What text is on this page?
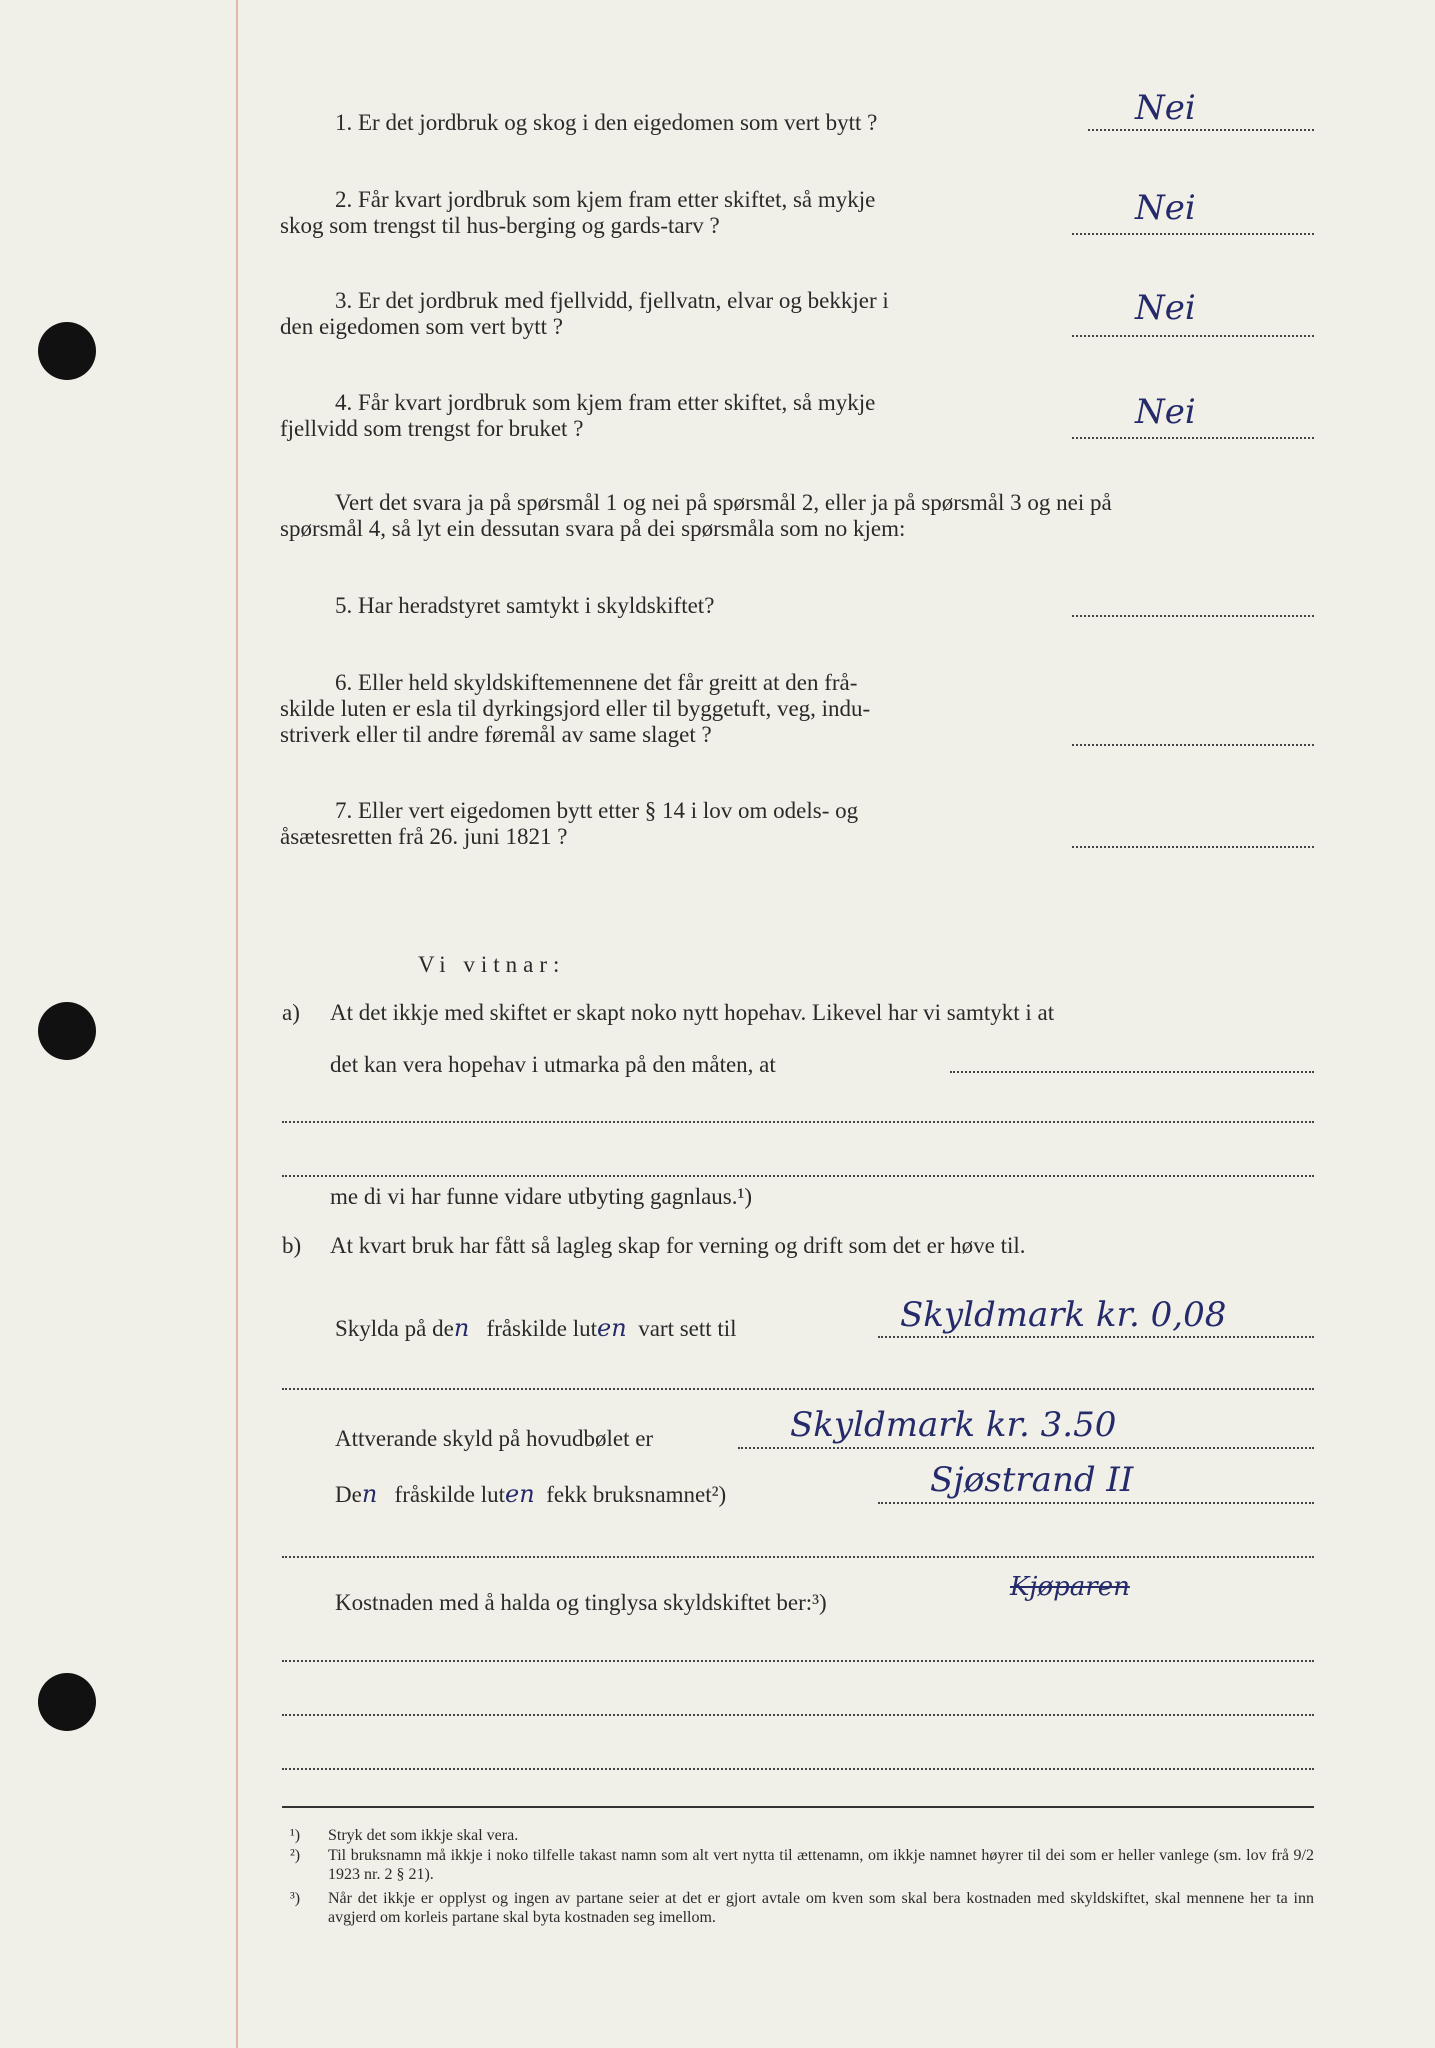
1. Er det jordbruk og skog i den eigedomen som vert bytt ?	Nei
2. Får kvart jordbruk som kjem fram etter skiftet, så mykje
skog som trengst til hus-berging og gards-tarv ?	Nei
3. Er det jordbruk med fjellvidd, fjellvatn, elvar og bekkjer i
den eigedomen som vert bytt ?	Nei
4. Får kvart jordbruk som kjem fram etter skiftet, så mykje
fjellvidd som trengst for bruket ?	Nei
Vert det svara ja på spørsmål 1 og nei på spørsmål 2, eller ja på spørsmål 3 og nei på
spørsmål 4, så lyt ein dessutan svara på dei spørsmåla som no kjem:
5. Har heradstyret samtykt i skyldskiftet?
6. Eller held skyldskiftemennene det får greitt at den frå-
skilde luten er esla til dyrkingsjord eller til byggetuft, veg, indu-
striverk eller til andre føremål av same slaget ?
7. Eller vert eigedomen bytt etter § 14 i lov om odels- og
åsætesretten frå 26. juni 1821 ?
Vi vitnar:
a) At det ikkje med skiftet er skapt noko nytt hopehav. Likevel har vi samtykt i at
det kan vera hopehav i utmarka på den måten, at
me di vi har funne vidare utbyting gagnlaus.¹)
b) At kvart bruk har fått så lagleg skap for verning og drift som det er høve til.
Skylda på den fråskilde luten vart sett til	Skyldmark kr. 0,08
Attverande skyld på hovudbølet er	Skyldmark kr. 3.50
Den fråskilde luten fekk bruksnamnet²)	Sjøstrand II
Kostnaden med å halda og tinglysa skyldskiftet ber:³)
Kjøparen
¹) Stryk det som ikkje skal vera.
²) Til bruksnamn må ikkje i noko tilfelle takast namn som alt vert nytta til ættenamn, om ikkje namnet høyrer til dei som er heller vanlege (sm. lov frå 9/2 1923 nr. 2 § 21).
³) Når det ikkje er opplyst og ingen av partane seier at det er gjort avtale om kven som skal bera kostnaden med skyldskiftet, skal mennene her ta inn avgjerd om korleis partane skal byta kostnaden seg imellom.
